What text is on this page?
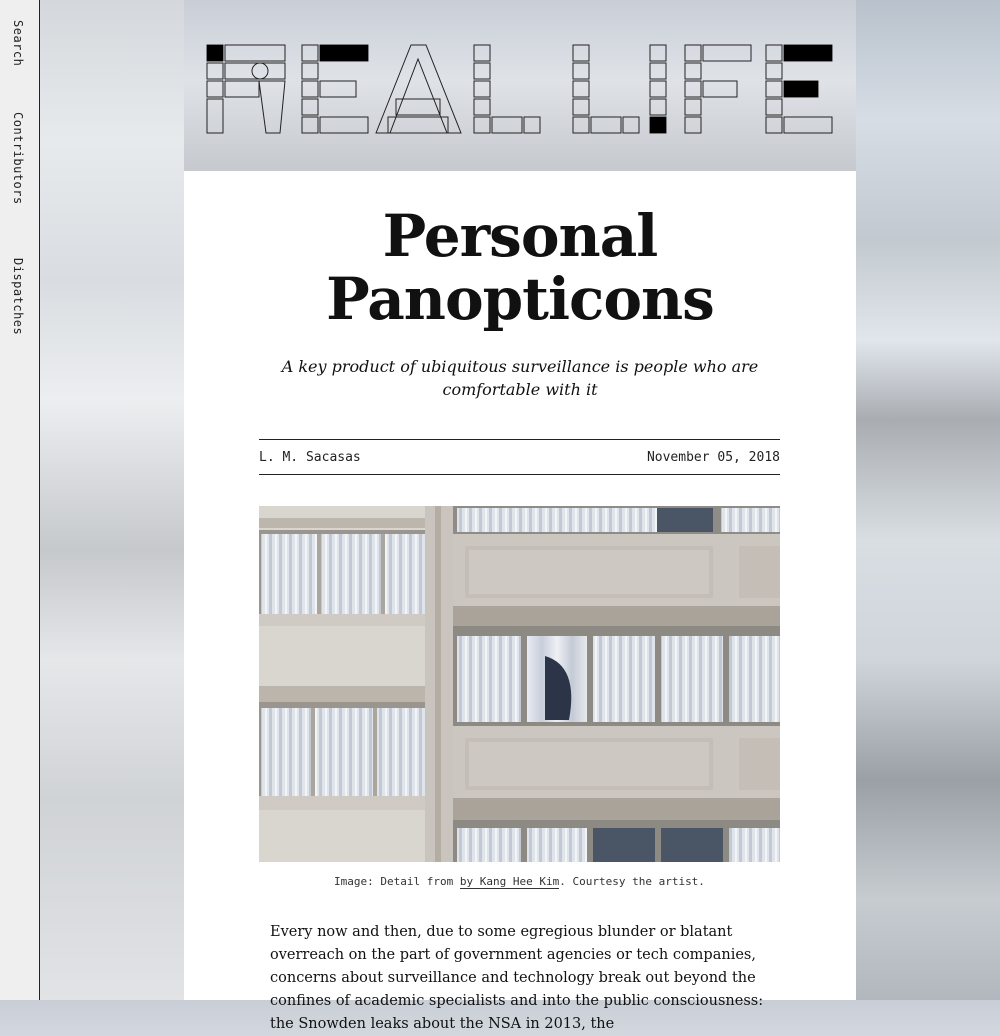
Search
Contributors
Dispatches
Personal
Panopticons

A key product of ubiquitous surveillance is people who are comfortable with it

L. M. Sacasas	November 05, 2018
Image: Detail from by Kang Hee Kim. Courtesy the artist.

Every now and then, due to some egregious blunder or blatant overreach on the part of government agencies or tech companies, concerns about surveillance and technology break out beyond the confines of academic specialists and into the public consciousness: the Snowden leaks about the NSA in 2013, the
